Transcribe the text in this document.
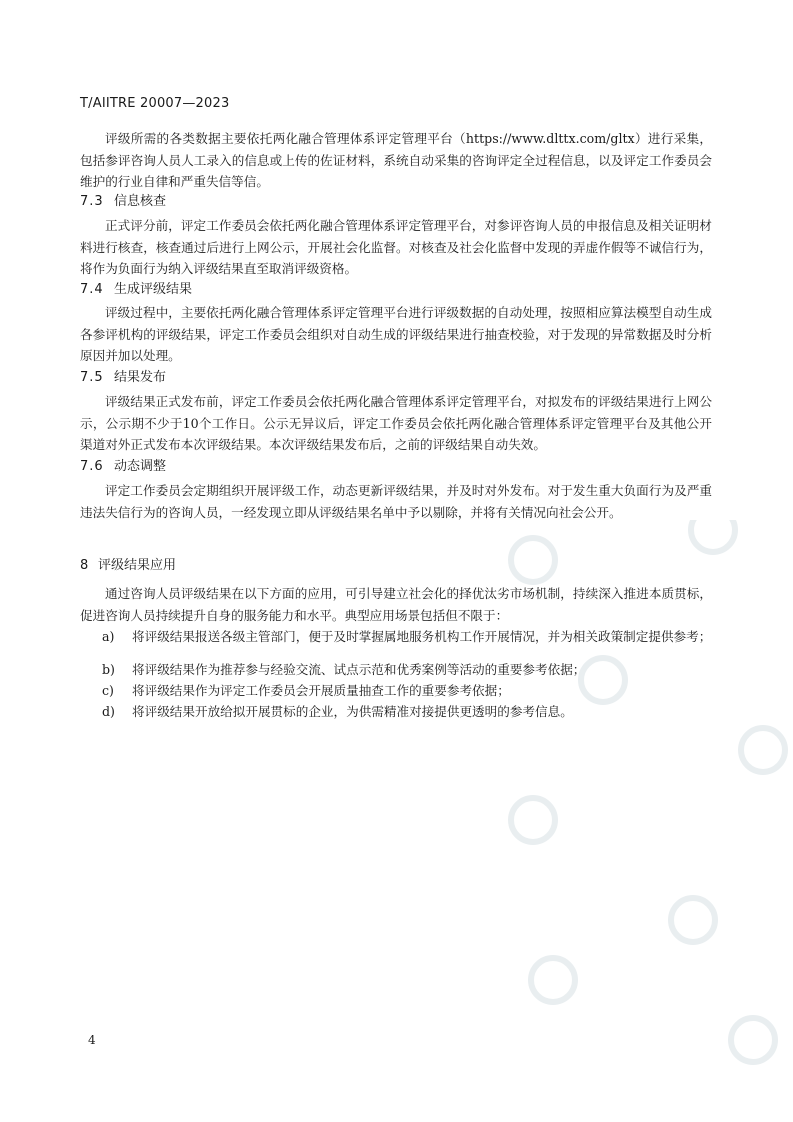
T/AIITRE 20007—2023

评级所需的各类数据主要依托两化融合管理体系评定管理平台（https://www.dlttx.com/gltx）进行采集，包括参评咨询人员人工录入的信息或上传的佐证材料，系统自动采集的咨询评定全过程信息，以及评定工作委员会维护的行业自律和严重失信等信。

7.3 信息核查

正式评分前，评定工作委员会依托两化融合管理体系评定管理平台，对参评咨询人员的申报信息及相关证明材料进行核查，核查通过后进行上网公示，开展社会化监督。对核查及社会化监督中发现的弄虚作假等不诚信行为，将作为负面行为纳入评级结果直至取消评级资格。

7.4 生成评级结果

评级过程中，主要依托两化融合管理体系评定管理平台进行评级数据的自动处理，按照相应算法模型自动生成各参评机构的评级结果，评定工作委员会组织对自动生成的评级结果进行抽查校验，对于发现的异常数据及时分析原因并加以处理。

7.5 结果发布

评级结果正式发布前，评定工作委员会依托两化融合管理体系评定管理平台，对拟发布的评级结果进行上网公示，公示期不少于10个工作日。公示无异议后，评定工作委员会依托两化融合管理体系评定管理平台及其他公开渠道对外正式发布本次评级结果。本次评级结果发布后，之前的评级结果自动失效。

7.6 动态调整

评定工作委员会定期组织开展评级工作，动态更新评级结果，并及时对外发布。对于发生重大负面行为及严重违法失信行为的咨询人员，一经发现立即从评级结果名单中予以剔除，并将有关情况向社会公开。

8 评级结果应用

通过咨询人员评级结果在以下方面的应用，可引导建立社会化的择优汰劣市场机制，持续深入推进本质贯标，促进咨询人员持续提升自身的服务能力和水平。典型应用场景包括但不限于：

a) 将评级结果报送各级主管部门，便于及时掌握属地服务机构工作开展情况，并为相关政策制定提供参考；
b) 将评级结果作为推荐参与经验交流、试点示范和优秀案例等活动的重要参考依据；
c) 将评级结果作为评定工作委员会开展质量抽查工作的重要参考依据；
d) 将评级结果开放给拟开展贯标的企业，为供需精准对接提供更透明的参考信息。
4
